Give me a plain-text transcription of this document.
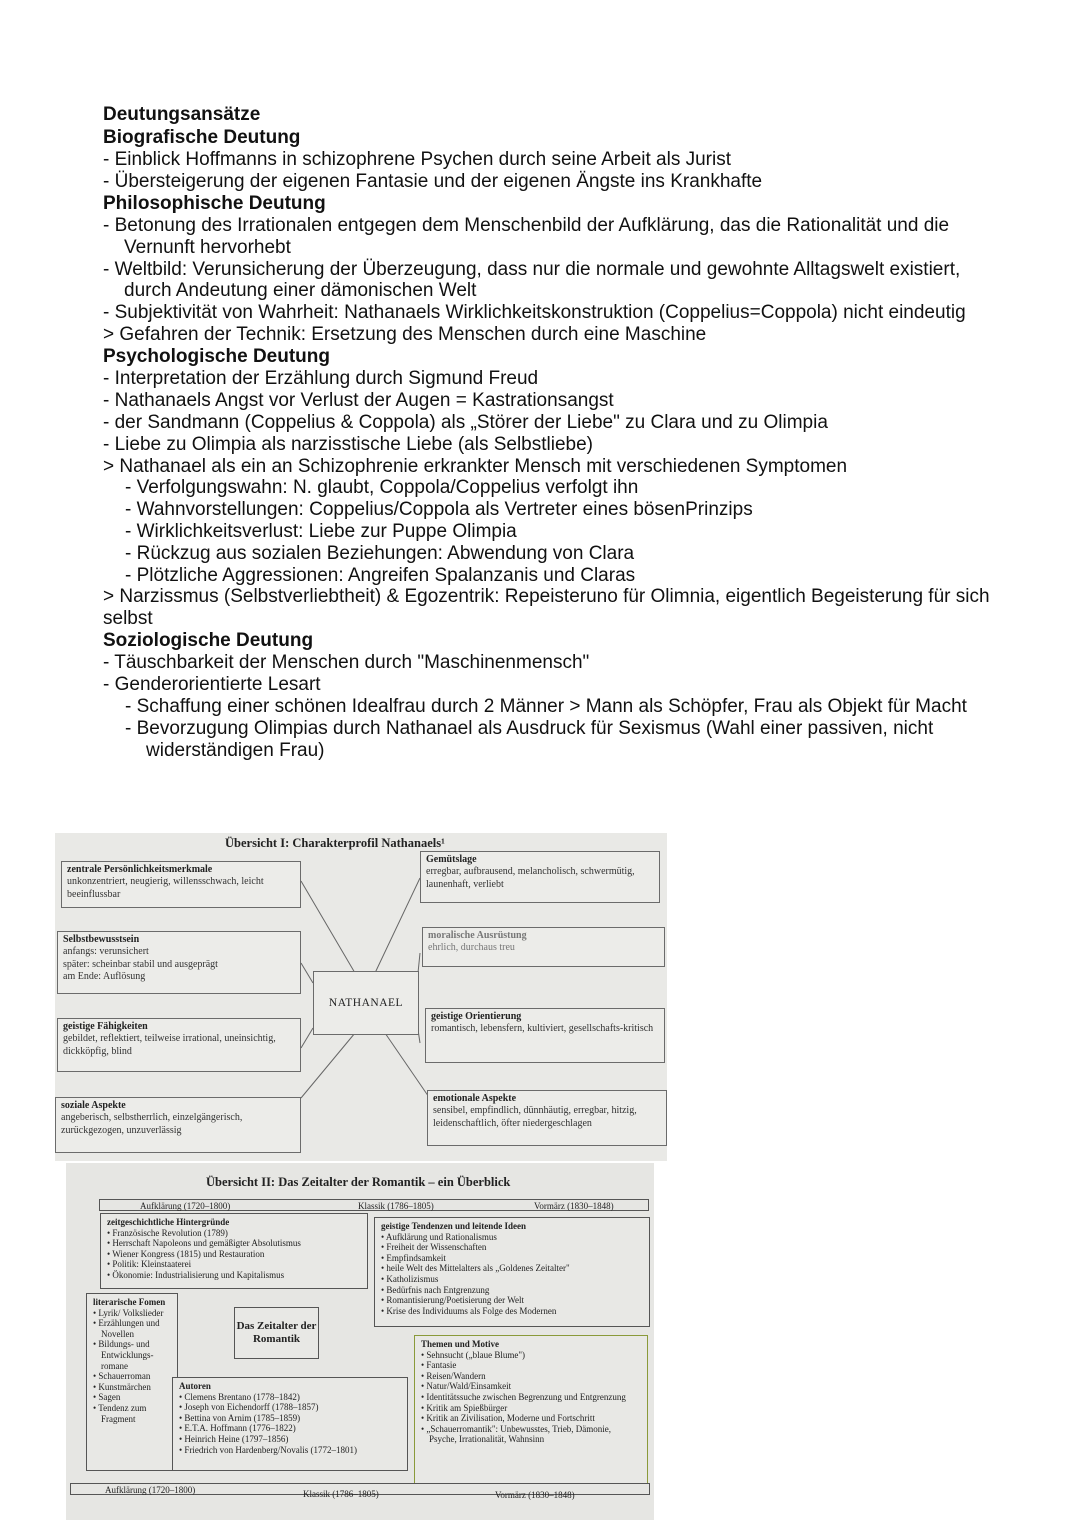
Deutungsansätze
Biografische Deutung

- Einblick Hoffmanns in schizophrene Psychen durch seine Arbeit als Jurist

- Übersteigerung der eigenen Fantasie und der eigenen Ängste ins Krankhafte

Philosophische Deutung

- Betonung des Irrationalen entgegen dem Menschenbild der Aufklärung, das die Rationalität und die Vernunft hervorhebt

- Weltbild: Verunsicherung der Überzeugung, dass nur die normale und gewohnte Alltagswelt existiert, durch Andeutung einer dämonischen Welt

- Subjektivität von Wahrheit: Nathanaels Wirklichkeitskonstruktion (Coppelius=Coppola) nicht eindeutig

> Gefahren der Technik: Ersetzung des Menschen durch eine Maschine

Psychologische Deutung

- Interpretation der Erzählung durch Sigmund Freud

- Nathanaels Angst vor Verlust der Augen = Kastrationsangst

- der Sandmann (Coppelius & Coppola) als „Störer der Liebe" zu Clara und zu Olimpia

- Liebe zu Olimpia als narzisstische Liebe (als Selbstliebe)

> Nathanael als ein an Schizophrenie erkrankter Mensch mit verschiedenen Symptomen

- Verfolgungswahn: N. glaubt, Coppola/Coppelius verfolgt ihn

- Wahnvorstellungen: Coppelius/Coppola als Vertreter eines bösenPrinzips

- Wirklichkeitsverlust: Liebe zur Puppe Olimpia

- Rückzug aus sozialen Beziehungen: Abwendung von Clara

- Plötzliche Aggressionen: Angreifen Spalanzanis und Claras

> Narzissmus (Selbstverliebtheit) & Egozentrik: Repeisteruno für Olimnia, eigentlich Begeisterung für sich selbst

Soziologische Deutung

- Täuschbarkeit der Menschen durch "Maschinenmensch"

- Genderorientierte Lesart

- Schaffung einer schönen Idealfrau durch 2 Männer > Mann als Schöpfer, Frau als Objekt für Macht

- Bevorzugung Olimpias durch Nathanael als Ausdruck für Sexismus (Wahl einer passiven, nicht widerständigen Frau)

Übersicht I: Charakterprofil Nathanaels¹
zentrale Persönlichkeitsmerkmale
unkonzentriert, neugierig, willensschwach, leicht beeinflussbar
Selbstbewusstsein
anfangs: verunsichert
später: scheinbar stabil und ausgeprägt
am Ende: Auflösung
geistige Fähigkeiten
gebildet, reflektiert, teilweise irrational, uneinsichtig, dickköpfig, blind
soziale Aspekte
angeberisch, selbstherrlich, einzelgängerisch, zurückgezogen, unzuverlässig
NATHANAEL
Gemütslage
erregbar, aufbrausend, melancholisch, schwermütig, launenhaft, verliebt
moralische Ausrüstung
ehrlich, durchaus treu
geistige Orientierung
romantisch, lebensfern, kultiviert, gesellschafts-kritisch
emotionale Aspekte
sensibel, empfindlich, dünnhäutig, erregbar, hitzig, leidenschaftlich, öfter niedergeschlagen
Übersicht II: Das Zeitalter der Romantik – ein Überblick
Aufklärung (1720–1800)	Klassik (1786–1805)	Vormärz (1830–1848)
zeitgeschichtliche Hintergründe
• Französische Revolution (1789)
• Herrschaft Napoleons und gemäßigter Absolutismus
• Wiener Kongress (1815) und Restauration
• Politik: Kleinstaaterei
• Ökonomie: Industrialisierung und Kapitalismus
geistige Tendenzen und leitende Ideen
• Aufklärung und Rationalismus
• Freiheit der Wissenschaften
• Empfindsamkeit
• heile Welt des Mittelalters als „Goldenes Zeitalter"
• Katholizismus
• Bedürfnis nach Entgrenzung
• Romantisierung/Poetisierung der Welt
• Krise des Individuums als Folge des Modernen
literarische Fomen
• Lyrik/ Volkslieder
• Erzählungen und Novellen
• Bildungs- und Entwicklungs- romane
• Schauerroman
• Kunstmärchen
• Sagen
• Tendenz zum Fragment
Das Zeitalter der Romantik
Autoren
• Clemens Brentano (1778–1842)
• Joseph von Eichendorff (1788–1857)
• Bettina von Arnim (1785–1859)
• E.T.A. Hoffmann (1776–1822)
• Heinrich Heine (1797–1856)
• Friedrich von Hardenberg/Novalis (1772–1801)
Themen und Motive
• Sehnsucht („blaue Blume")
• Fantasie
• Reisen/Wandern
• Natur/Wald/Einsamkeit
• Identitätssuche zwischen Begrenzung und Entgrenzung
• Kritik am Spießbürger
• Kritik an Zivilisation, Moderne und Fortschritt
• „Schauerromantik": Unbewusstes, Trieb, Dämonie, Psyche, Irrationalität, Wahnsinn
Aufklärung (1720–1800)	Klassik (1786–1805)	Vormärz (1830–1848)
